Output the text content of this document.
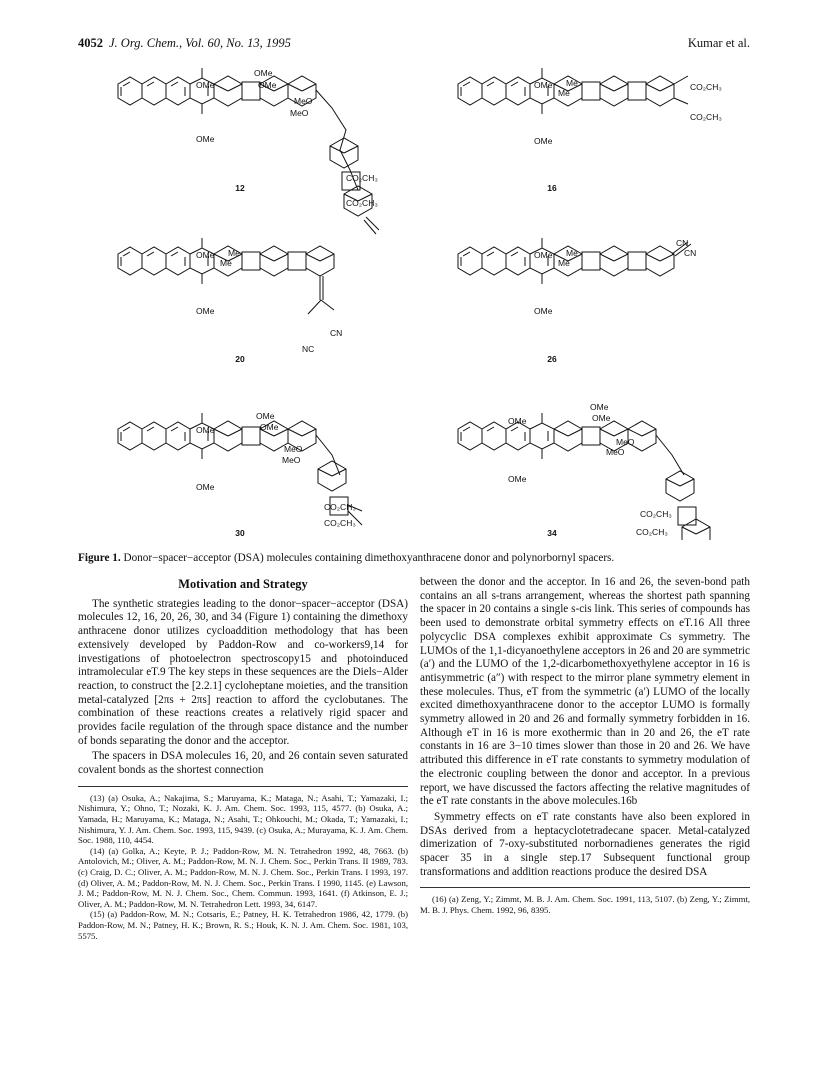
4052 J. Org. Chem., Vol. 60, No. 13, 1995	Kumar et al.
OMe
OMe
OMe
OMe
MeO
MeO
CO₂CH₃
CO₂CH₃
OMe
OMe
Me
Me
CO₂CH₃
CO₂CH₃
OMe
OMe
Me
Me
CN
NC
OMe
OMe
Me
Me
CN
CN
OMe
OMe
OMe
OMe
MeO
MeO
CO₂CH₃
CO₂CH₃
OMe
OMe
OMe
OMe
MeO
MeO
CO₂CH₃
CO₂CH₃
12	16
20	26
30	34
Figure 1. Donor−spacer−acceptor (DSA) molecules containing dimethoxyanthracene donor and polynorbornyl spacers.
Motivation and Strategy

The synthetic strategies leading to the donor−spacer−acceptor (DSA) molecules 12, 16, 20, 26, 30, and 34 (Figure 1) containing the dimethoxy anthracene donor utilizes cycloaddition methodology that has been extensively developed by Paddon-Row and co-workers9,14 for investigations of photoelectron spectroscopy15 and photoinduced intramolecular eT.9 The key steps in these sequences are the Diels−Alder reaction, to construct the [2.2.1] cycloheptane moieties, and the transition metal-catalyzed [2πs + 2πs] reaction to afford the cyclobutanes. The combination of these reactions creates a relatively rigid spacer and provides facile regulation of the through space distance and the number of bonds separating the donor and the acceptor.

The spacers in DSA molecules 16, 20, and 26 contain seven saturated covalent bonds as the shortest connection

(13) (a) Osuka, A.; Nakajima, S.; Maruyama, K.; Mataga, N.; Asahi, T.; Yamazaki, I.; Nishimura, Y.; Ohno, T.; Nozaki, K. J. Am. Chem. Soc. 1993, 115, 4577. (b) Osuka, A.; Yamada, H.; Maruyama, K.; Mataga, N.; Asahi, T.; Ohkouchi, M.; Okada, T.; Yamazaki, I.; Nishimura, Y. J. Am. Chem. Soc. 1993, 115, 9439. (c) Osuka, A.; Murayama, K. J. Am. Chem. Soc. 1988, 110, 4454.

(14) (a) Golka, A.; Keyte, P. J.; Paddon-Row, M. N. Tetrahedron 1992, 48, 7663. (b) Antolovich, M.; Oliver, A. M.; Paddon-Row, M. N. J. Chem. Soc., Perkin Trans. II 1989, 783. (c) Craig, D. C.; Oliver, A. M.; Paddon-Row, M. N. J. Chem. Soc., Perkin Trans. I 1993, 197. (d) Oliver, A. M.; Paddon-Row, M. N. J. Chem. Soc., Perkin Trans. I 1990, 1145. (e) Lawson, J. M.; Paddon-Row, M. N. J. Chem. Soc., Chem. Commun. 1993, 1641. (f) Atkinson, E. J.; Oliver, A. M.; Paddon-Row, M. N. Tetrahedron Lett. 1993, 34, 6147.

(15) (a) Paddon-Row, M. N.; Cotsaris, E.; Patney, H. K. Tetrahedron 1986, 42, 1779. (b) Paddon-Row, M. N.; Patney, H. K.; Brown, R. S.; Houk, K. N. J. Am. Chem. Soc. 1981, 103, 5575.

between the donor and the acceptor. In 16 and 26, the seven-bond path contains an all s-trans arrangement, whereas the shortest path spanning the spacer in 20 contains a single s-cis link. This series of compounds has been used to demonstrate orbital symmetry effects on eT.16 All three polycyclic DSA complexes exhibit approximate Cs symmetry. The LUMOs of the 1,1-dicyanoethylene acceptors in 26 and 20 are symmetric (a′) and the LUMO of the 1,2-dicarbomethoxyethylene acceptor in 16 is antisymmetric (a″) with respect to the mirror plane symmetry element in these molecules. Thus, eT from the symmetric (a′) LUMO of the locally excited dimethoxyanthracene donor to the acceptor LUMO is formally symmetry allowed in 20 and 26 and formally symmetry forbidden in 16. Although eT in 16 is more exothermic than in 20 and 26, the eT rate constants in 16 are 3−10 times slower than those in 20 and 26. We have attributed this difference in eT rate constants to symmetry modulation of the electronic coupling between the donor and acceptor. In a previous report, we have discussed the factors affecting the relative magnitudes of the eT rate constants in the above molecules.16b

Symmetry effects on eT rate constants have also been explored in DSAs derived from a heptacyclotetradecane spacer. Metal-catalyzed dimerization of 7-oxy-substituted norbornadienes generates the rigid spacer 35 in a single step.17 Subsequent functional group transformations and addition reactions produce the desired DSA

(16) (a) Zeng, Y.; Zimmt, M. B. J. Am. Chem. Soc. 1991, 113, 5107. (b) Zeng, Y.; Zimmt, M. B. J. Phys. Chem. 1992, 96, 8395.
